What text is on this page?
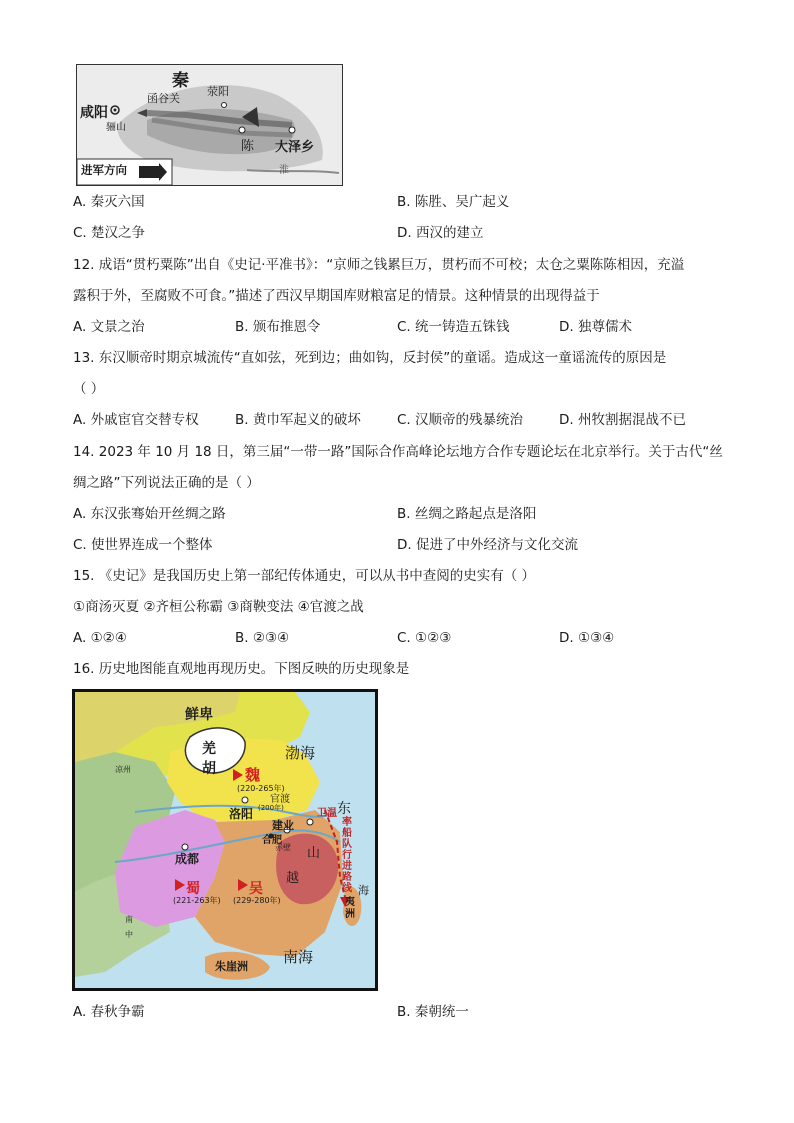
秦
咸阳
函谷关
荥阳
骊山
陈 大泽乡
淮
进军方向
A. 秦灭六国	B. 陈胜、吴广起义
C. 楚汉之争	D. 西汉的建立
12. 成语“贯朽粟陈”出自《史记·平准书》：“京师之钱累巨万，贯朽而不可校；太仓之粟陈陈相因，充溢
露积于外，至腐败不可食。”描述了西汉早期国库财粮富足的情景。这种情景的出现得益于
A. 文景之治	B. 颁布推恩令	C. 统一铸造五铢钱	D. 独尊儒术
13. 东汉顺帝时期京城流传“直如弦，死到边；曲如钩，反封侯”的童谣。造成这一童谣流传的原因是
（ ）
A. 外戚宦官交替专权	B. 黄巾军起义的破坏	C. 汉顺帝的残暴统治	D. 州牧割据混战不已
14. 2023 年 10 月 18 日，第三届“一带一路”国际合作高峰论坛地方合作专题论坛在北京举行。关于古代“丝
绸之路”下列说法正确的是（ ）
A. 东汉张骞始开丝绸之路	B. 丝绸之路起点是洛阳
C. 使世界连成一个整体	D. 促进了中外经济与文化交流
15. 《史记》是我国历史上第一部纪传体通史，可以从书中查阅的史实有（ ）
①商汤灭夏 ②齐桓公称霸 ③商鞅变法 ④官渡之战
A. ①②④	B. ②③④	C. ①②③	D. ①③④
16. 历史地图能直观地再现历史。下图反映的历史现象是
鲜卑
羌
胡
渤海
凉州	魏
(220-265年)
官渡
(200年)
洛阳	东
卫温
建业
合肥
赤壁
成都	山
越
蜀
(221-263年)
吴
(229-280年)
率船队行进路线 海
夷洲
南中
南海
朱崖洲
A. 春秋争霸	B. 秦朝统一
